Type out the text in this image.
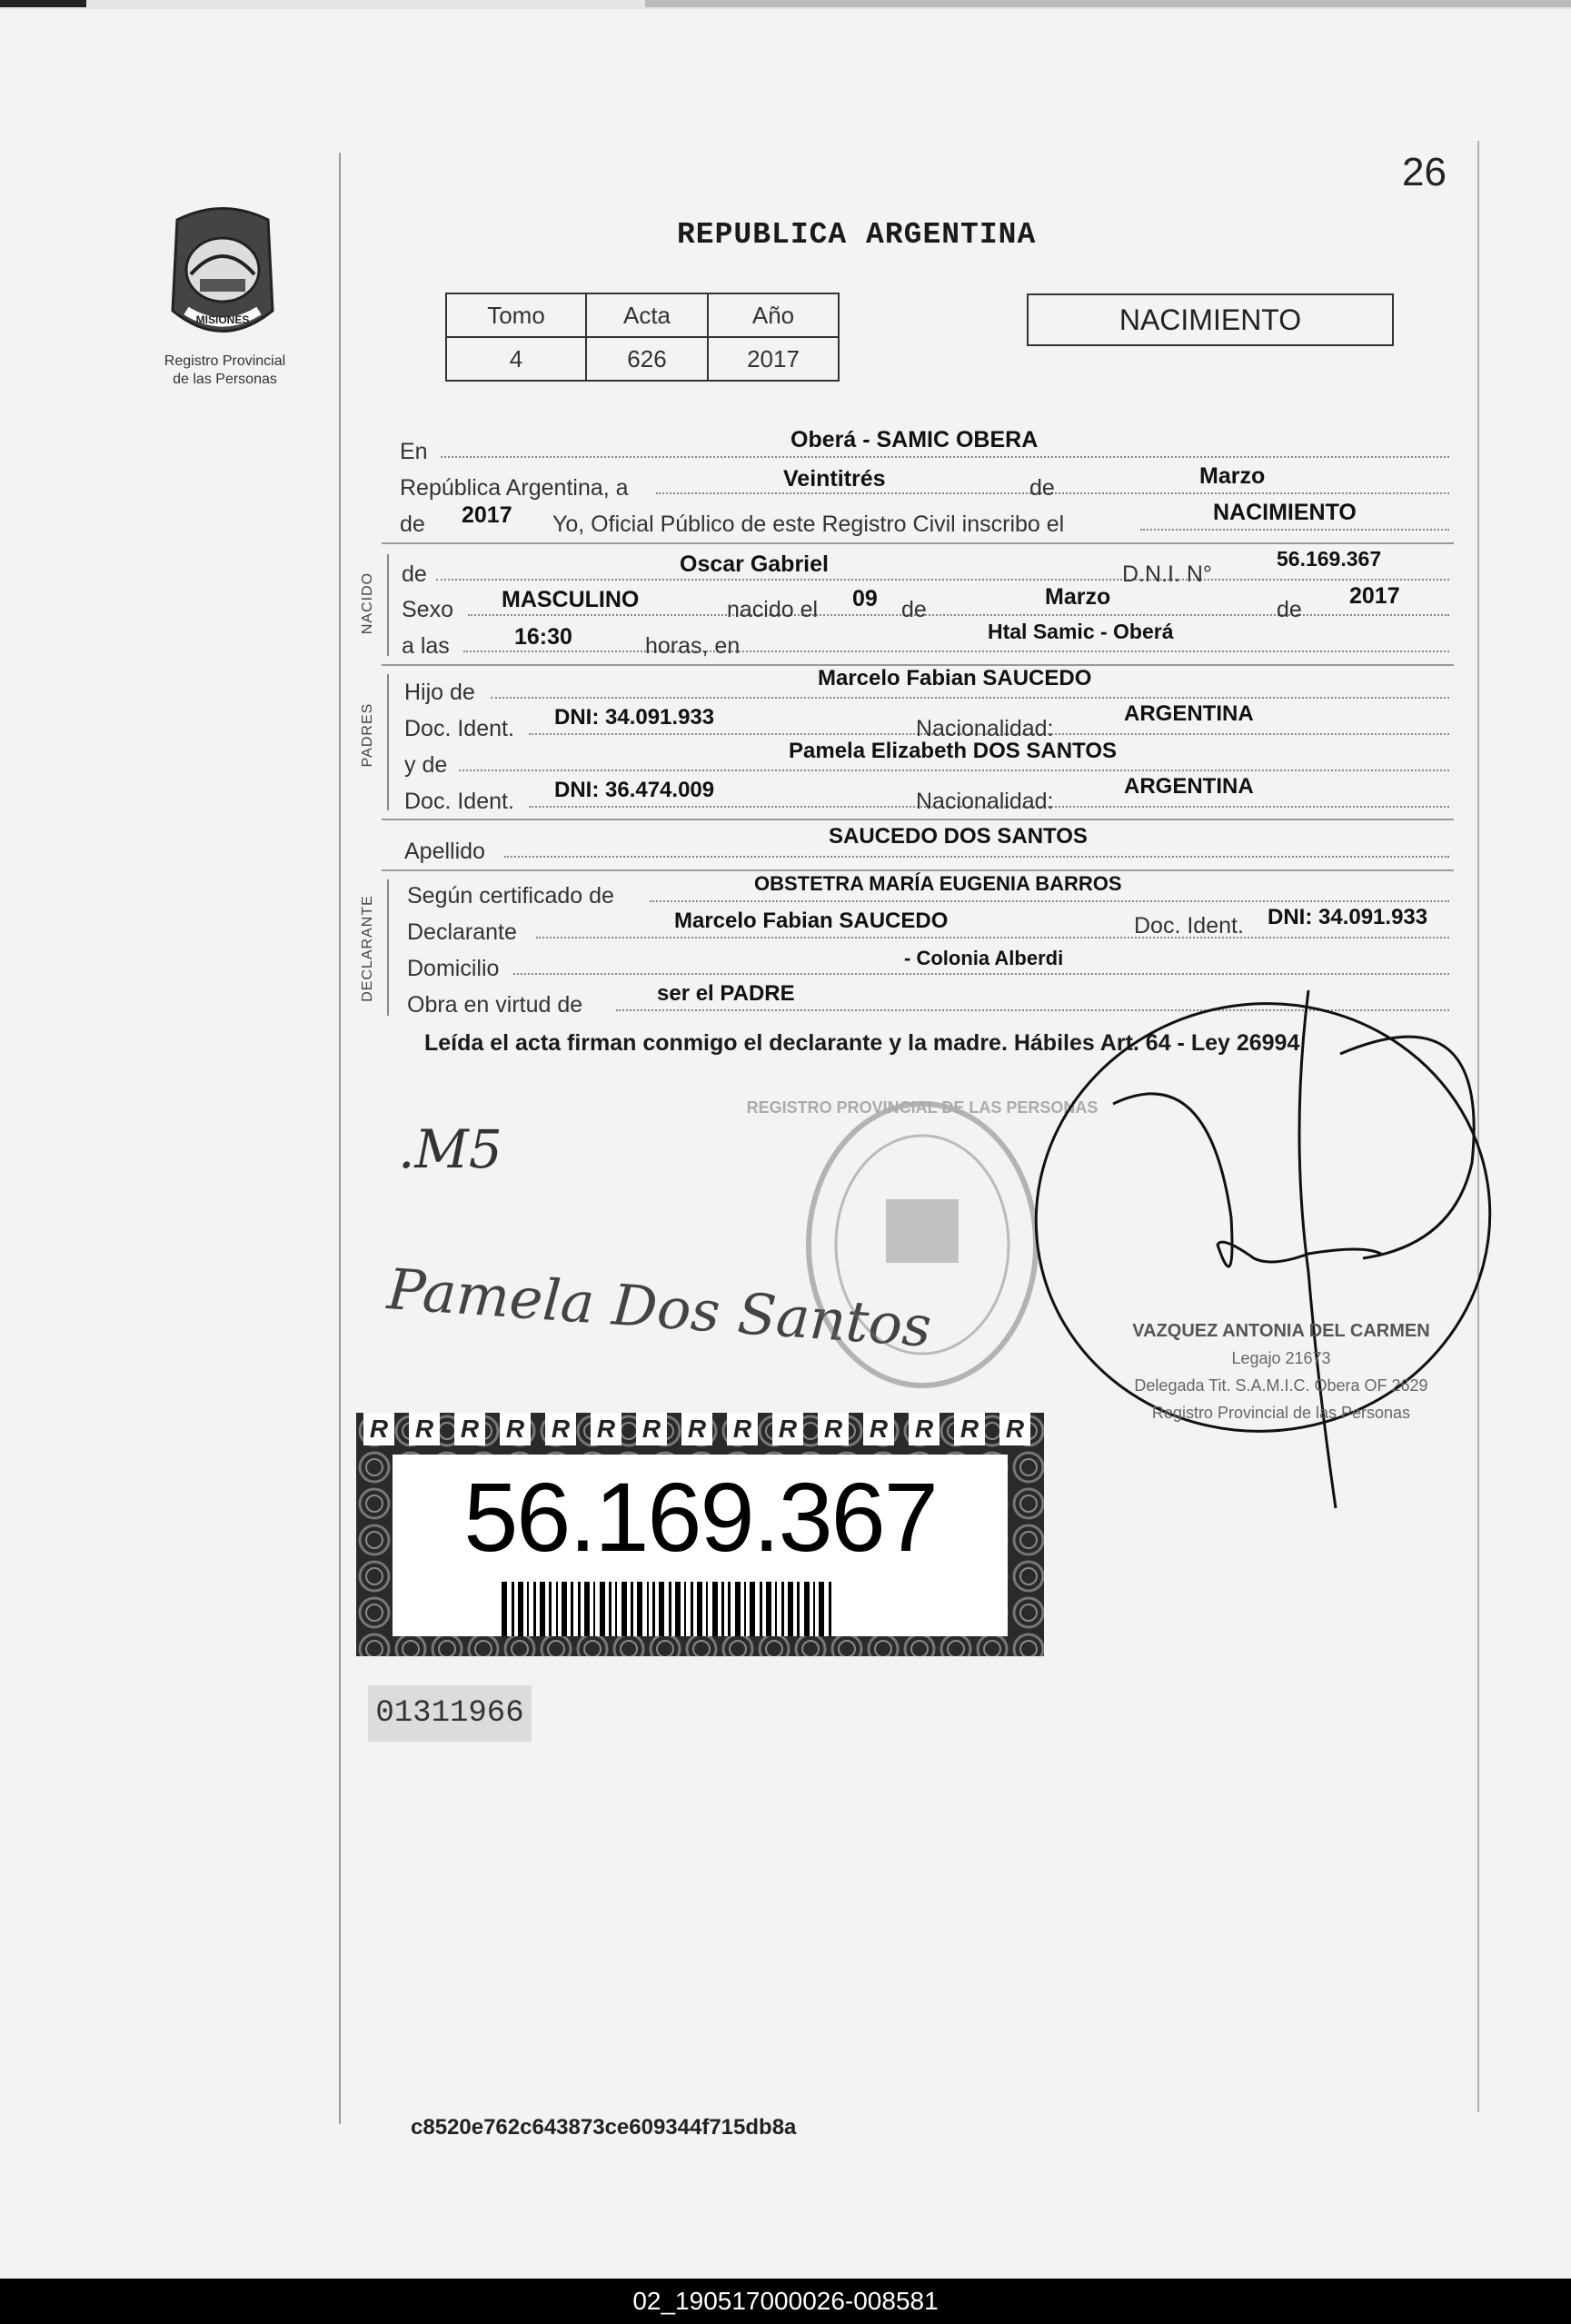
26
MISIONES
Registro Provincial
de las Personas
REPUBLICA ARGENTINA
Tomo	Acta	Año
4	626	2017
NACIMIENTO
En	Oberá - SAMIC OBERA
República Argentina, a	Veintitrés	de	Marzo
de 2017 Yo, Oficial Público de este Registro Civil inscribo el	NACIMIENTO
NACIDO de	Oscar Gabriel	D.N.I. N°
56.169.367
Sexo MASCULINO	nacido el 09 de	Marzo	de
2017
a las	16:30	horas, en
Htal Samic - Oberá
PADRES
Hijo de
Marcelo Fabian SAUCEDO
Doc. Ident. DNI: 34.091.933	Nacionalidad:
ARGENTINA
y de
Pamela Elizabeth DOS SANTOS
Doc. Ident. DNI: 36.474.009	Nacionalidad:
ARGENTINA
Apellido
SAUCEDO DOS SANTOS
DECLARANTE Según certificado de	OBSTETRA MARÍA EUGENIA BARROS
Declarante	Marcelo Fabian SAUCEDO	Doc. Ident. DNI: 34.091.933
Domicilio	- Colonia Alberdi
Obra en virtud de	ser el PADRE
Leída el acta firman conmigo el declarante y la madre. Hábiles Art. 64 - Ley 26994
.M5
Pamela Dos Santos
REGISTRO PROVINCIAL DE LAS PERSONAS
VAZQUEZ ANTONIA DEL CARMEN
Legajo 21673
Delegada Tit. S.A.M.I.C. Obera OF 2629
Registro Provincial de las Personas
R R R R R R R R R R R R R R R
56.169.367
01311966
c8520e762c643873ce609344f715db8a
02_190517000026-008581
